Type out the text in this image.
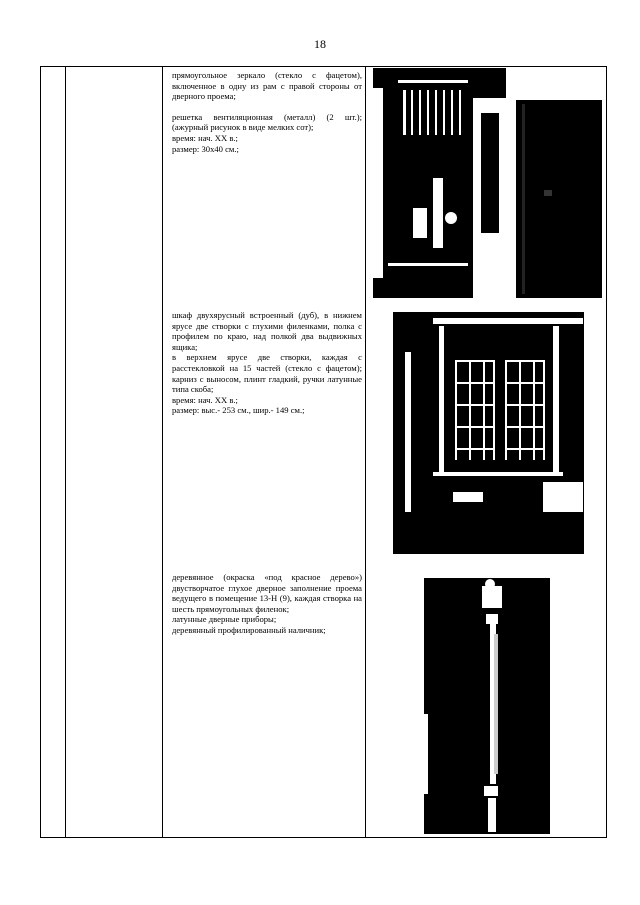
18

прямоугольное зеркало (стекло с фацетом), включенное в одну из рам с правой стороны от дверного проема;

решетка вентиляционная (металл) (2 шт.); (ажурный рисунок в виде мелких сот);

время: нач. XX в.;

размер: 30х40 см.;

шкаф двухярусный встроенный (дуб), в нижнем ярусе две створки с глухими филенками, полка с профилем по краю, над полкой два выдвижных ящика;

в верхнем ярусе две створки, каждая с расстекловкой на 15 частей (стекло с фацетом); карниз с выносом, плинт гладкий, ручки латунные типа скоба;

время: нач. XX в.;

размер: выс.- 253 см., шир.- 149 см.;

деревянное (окраска «под красное дерево») двустворчатое глухое дверное заполнение проема ведущего в помещение 13-Н (9), каждая створка на шесть прямоугольных филенок;

латунные дверные приборы;

деревянный профилированный наличник;
